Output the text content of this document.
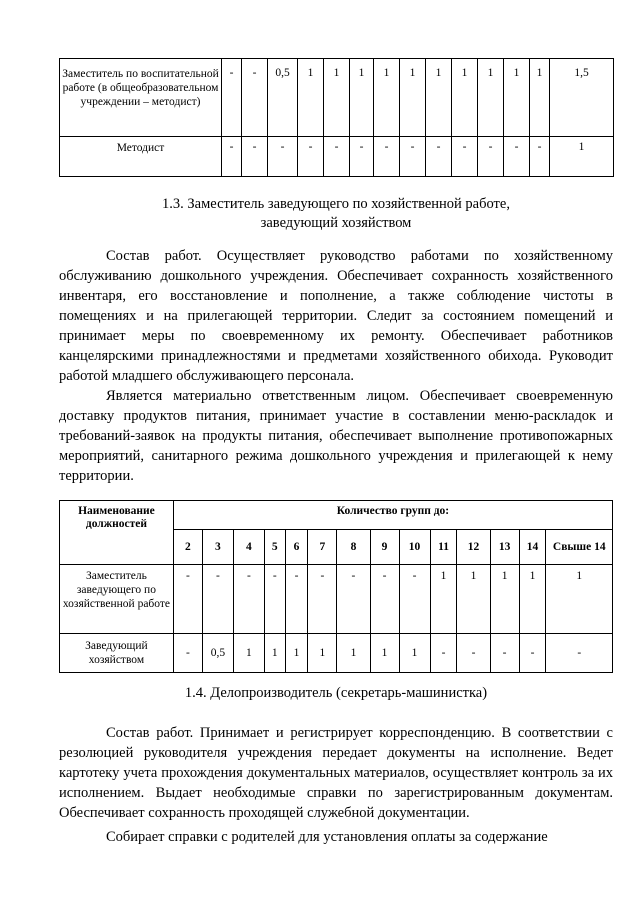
Заместитель по воспитательной работе (в общеобразовательном учреждении – методист)	-	-	0,5	1	1	1	1	1	1	1	1	1	1	1,5
Методист	-	-	-	-	-	-	-	-	-	-	-	-	-	1
1.3. Заместитель заведующего по хозяйственной работе,
заведующий хозяйством

Состав работ. Осуществляет руководство работами по хозяйственному обслуживанию дошкольного учреждения. Обеспечивает сохранность хозяйственного инвентаря, его восстановление и пополнение, а также соблюдение чистоты в помещениях и на прилегающей территории. Следит за состоянием помещений и принимает меры по своевременному их ремонту. Обеспечивает работников канцелярскими принадлежностями и предметами хозяйственного обихода. Руководит работой младшего обслуживающего персонала.

Является материально ответственным лицом. Обеспечивает своевременную доставку продуктов питания, принимает участие в составлении меню-раскладок и требований-заявок на продукты питания, обеспечивает выполнение противопожарных мероприятий, санитарного режима дошкольного учреждения и прилегающей к нему территории.

Наименование должностей	Количество групп до:													
	2	3	4	5	6	7	8	9	10	11	12	13	14	Свыше 14
Заместитель заведующего по хозяйственной работе	-	-	-	-	-	-	-	-	-	1	1	1	1	1
Заведующий хозяйством	-	0,5	1	1	1	1	1	1	1	-	-	-	-	-
1.4. Делопроизводитель (секретарь-машинистка)

Состав работ. Принимает и регистрирует корреспонденцию. В соответствии с резолюцией руководителя учреждения передает документы на исполнение. Ведет картотеку учета прохождения документальных материалов, осуществляет контроль за их исполнением. Выдает необходимые справки по зарегистрированным документам. Обеспечивает сохранность проходящей служебной документации.

Собирает справки с родителей для установления оплаты за содержание
